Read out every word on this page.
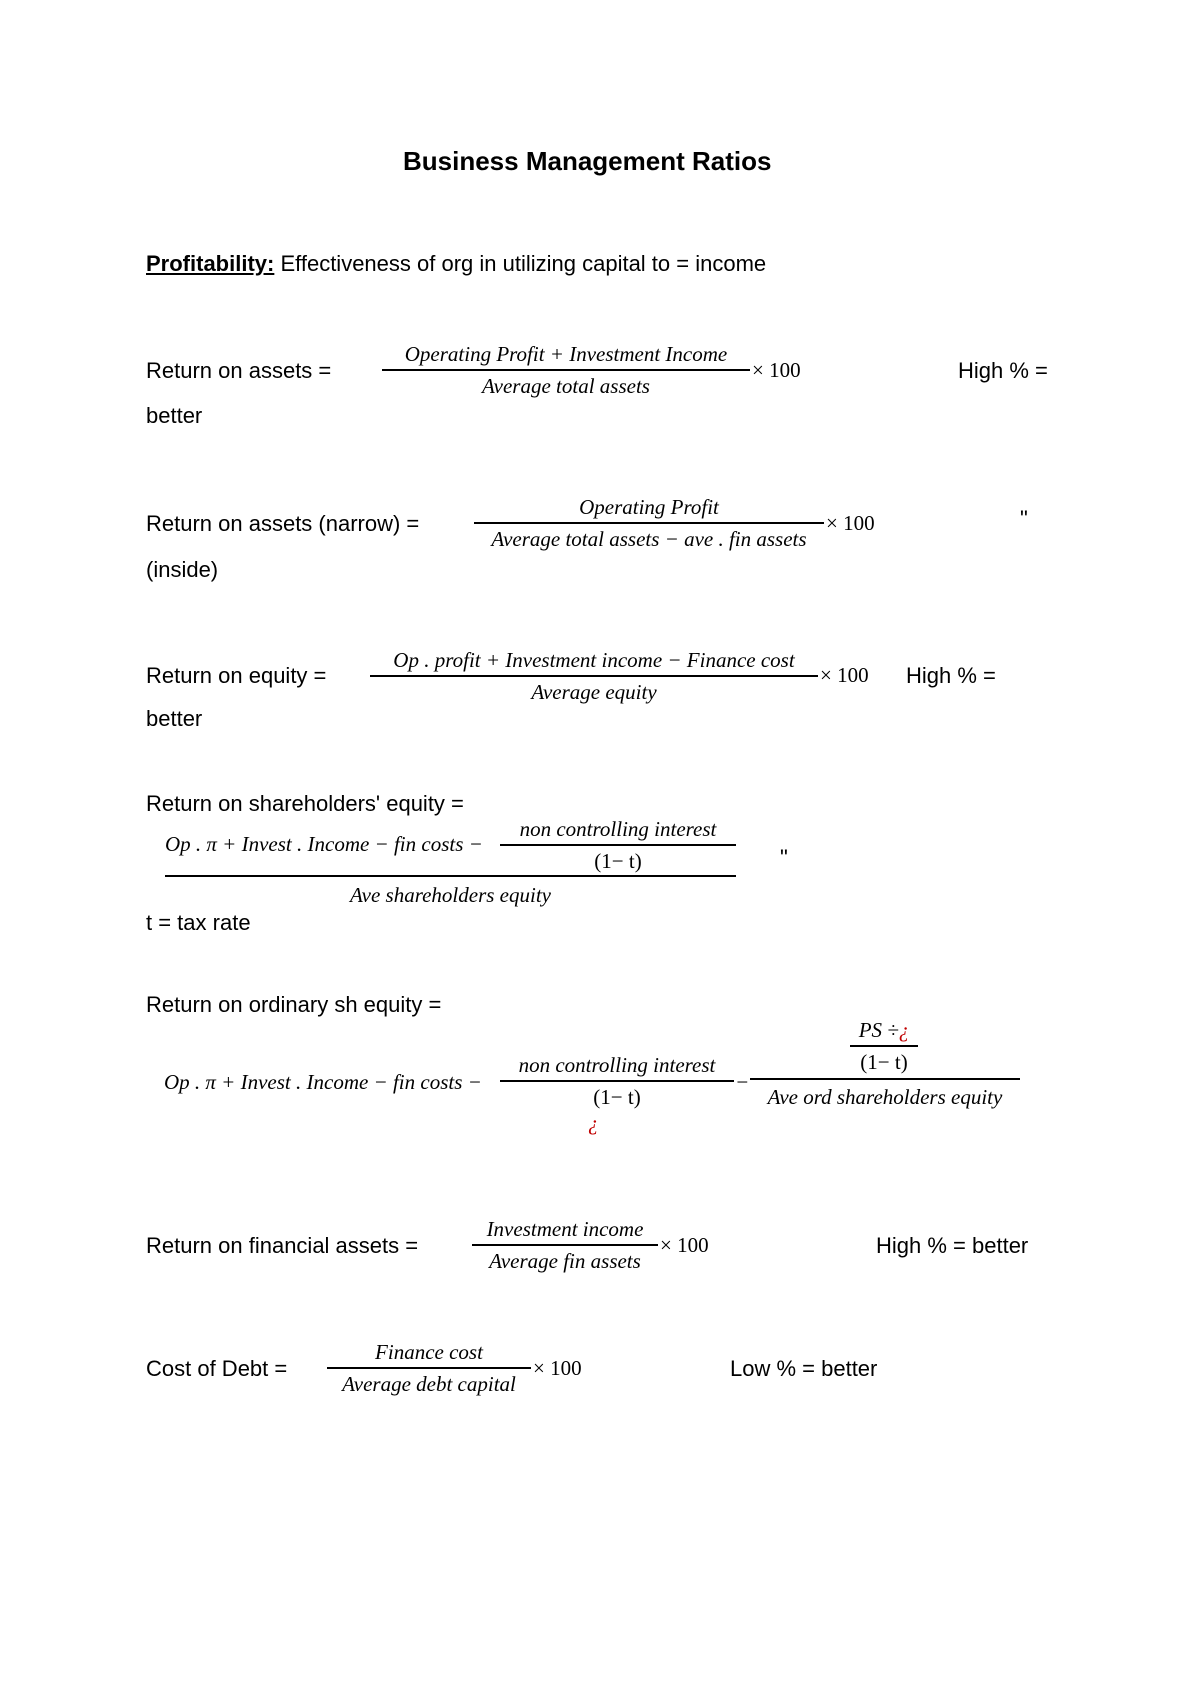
Business Management Ratios
Profitability: Effectiveness of org in utilizing capital to = income
Return on assets =
Operating Profit + Investment Income
Average total assets
× 100	High % =
better
Return on assets (narrow) =
Operating Profit
Average total assets − ave . fin assets
× 100	"
(inside)
Return on equity =
Op . profit + Investment income − Finance cost
Average equity
× 100 High % =
better
Return on shareholders' equity =
Op . π + Invest . Income − fin costs −
non controlling interest
(1− t)
Ave shareholders equity
"
t = tax rate
Return on ordinary sh equity =
Op . π + Invest . Income − fin costs −
non controlling interest
(1− t)
¿
−
PS ÷¿
(1− t)
Ave ord shareholders equity
Return on financial assets =
Investment income
Average fin assets
× 100	High % = better
Cost of Debt =
Finance cost
Average debt capital
× 100	Low % = better
